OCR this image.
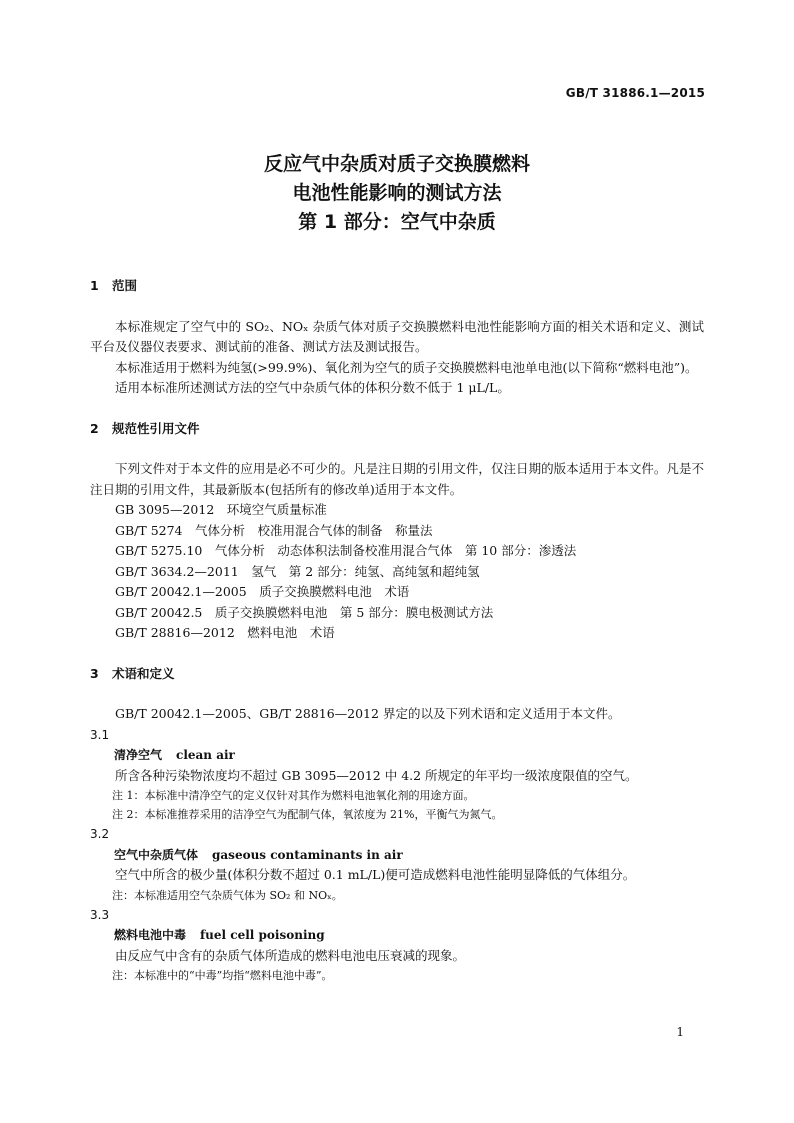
GB/T 31886.1—2015
反应气中杂质对质子交换膜燃料
电池性能影响的测试方法
第 1 部分：空气中杂质
1 范围

本标准规定了空气中的 SO₂、NOₓ 杂质气体对质子交换膜燃料电池性能影响方面的相关术语和定义、测试平台及仪器仪表要求、测试前的准备、测试方法及测试报告。

本标准适用于燃料为纯氢(>99.9%)、氧化剂为空气的质子交换膜燃料电池单电池(以下简称“燃料电池”)。

适用本标准所述测试方法的空气中杂质气体的体积分数不低于 1 μL/L。

2 规范性引用文件

下列文件对于本文件的应用是必不可少的。凡是注日期的引用文件，仅注日期的版本适用于本文件。凡是不注日期的引用文件，其最新版本(包括所有的修改单)适用于本文件。

GB 3095—2012　环境空气质量标准

GB/T 5274　气体分析　校准用混合气体的制备　称量法

GB/T 5275.10　气体分析　动态体积法制备校准用混合气体　第 10 部分：渗透法

GB/T 3634.2—2011　氢气　第 2 部分：纯氢、高纯氢和超纯氢

GB/T 20042.1—2005　质子交换膜燃料电池　术语

GB/T 20042.5　质子交换膜燃料电池　第 5 部分：膜电极测试方法

GB/T 28816—2012　燃料电池　术语

3 术语和定义

GB/T 20042.1—2005、GB/T 28816—2012 界定的以及下列术语和定义适用于本文件。

3.1

清净空气 clean air

所含各种污染物浓度均不超过 GB 3095—2012 中 4.2 所规定的年平均一级浓度限值的空气。

注 1：本标准中清净空气的定义仅针对其作为燃料电池氧化剂的用途方面。

注 2：本标准推荐采用的洁净空气为配制气体，氧浓度为 21%，平衡气为氮气。

3.2

空气中杂质气体 gaseous contaminants in air

空气中所含的极少量(体积分数不超过 0.1 mL/L)便可造成燃料电池性能明显降低的气体组分。

注：本标准适用空气杂质气体为 SO₂ 和 NOₓ。

3.3

燃料电池中毒 fuel cell poisoning

由反应气中含有的杂质气体所造成的燃料电池电压衰减的现象。

注：本标准中的“中毒”均指“燃料电池中毒”。

1
